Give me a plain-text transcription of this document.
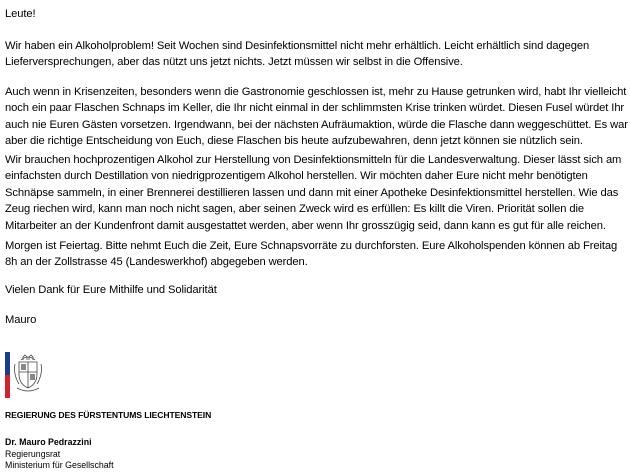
Leute!

Wir haben ein Alkoholproblem! Seit Wochen sind Desinfektionsmittel nicht mehr erhältlich. Leicht erhältlich sind dagegen Lieferversprechungen, aber das nützt uns jetzt nichts. Jetzt müssen wir selbst in die Offensive.

Auch wenn in Krisenzeiten, besonders wenn die Gastronomie geschlossen ist, mehr zu Hause getrunken wird, habt Ihr vielleicht noch ein paar Flaschen Schnaps im Keller, die Ihr nicht einmal in der schlimmsten Krise trinken würdet. Diesen Fusel würdet Ihr auch nie Euren Gästen vorsetzen. Irgendwann, bei der nächsten Aufräumaktion, würde die Flasche dann weggeschüttet. Es war aber die richtige Entscheidung von Euch, diese Flaschen bis heute aufzubewahren, denn jetzt können sie nützlich sein.

Wir brauchen hochprozentigen Alkohol zur Herstellung von Desinfektionsmitteln für die Landesverwaltung. Dieser lässt sich am einfachsten durch Destillation von niedrigprozentigem Alkohol herstellen. Wir möchten daher Eure nicht mehr benötigten Schnäpse sammeln, in einer Brennerei destillieren lassen und dann mit einer Apotheke Desinfektionsmittel herstellen. Wie das Zeug riechen wird, kann man noch nicht sagen, aber seinen Zweck wird es erfüllen: Es killt die Viren. Priorität sollen die Mitarbeiter an der Kundenfront damit ausgestattet werden, aber wenn Ihr grosszügig seid, dann kann es gut für alle reichen.

Morgen ist Feiertag. Bitte nehmt Euch die Zeit, Eure Schnapsvorräte zu durchforsten. Eure Alkoholspenden können ab Freitag 8h an der Zollstrasse 45 (Landeswerkhof) abgegeben werden.

Vielen Dank für Eure Mithilfe und Solidarität

Mauro

REGIERUNG DES FÜRSTENTUMS LIECHTENSTEIN

Dr. Mauro Pedrazzini

Regierungsrat

Ministerium für Gesellschaft
